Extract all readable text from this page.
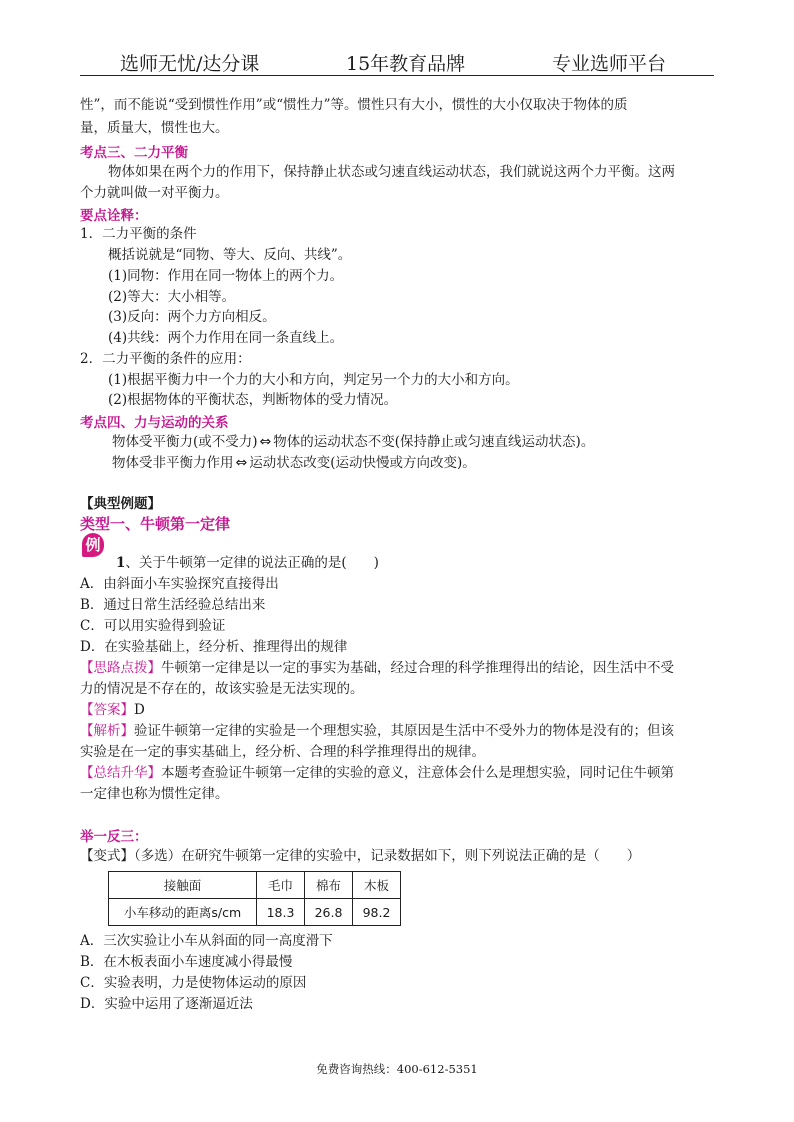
选师无忧/达分课	15年教育品牌	专业选师平台
性”，而不能说“受到惯性作用”或“惯性力”等。惯性只有大小，惯性的大小仅取决于物体的质
量，质量大，惯性也大。
考点三、二力平衡
物体如果在两个力的作用下，保持静止状态或匀速直线运动状态，我们就说这两个力平衡。这两
个力就叫做一对平衡力。
要点诠释：
1．二力平衡的条件
概括说就是“同物、等大、反向、共线”。
(1)同物：作用在同一物体上的两个力。
(2)等大：大小相等。
(3)反向：两个力方向相反。
(4)共线：两个力作用在同一条直线上。
2．二力平衡的条件的应用：
(1)根据平衡力中一个力的大小和方向，判定另一个力的大小和方向。
(2)根据物体的平衡状态，判断物体的受力情况。
考点四、力与运动的关系
物体受平衡力(或不受力) ⇔ 物体的运动状态不变(保持静止或匀速直线运动状态)。
物体受非平衡力作用 ⇔ 运动状态改变(运动快慢或方向改变)。
【典型例题】
类型一、牛顿第一定律
例
1、关于牛顿第一定律的说法正确的是(　　)
A．由斜面小车实验探究直接得出
B．通过日常生活经验总结出来
C．可以用实验得到验证
D．在实验基础上，经分析、推理得出的规律
【思路点拨】牛顿第一定律是以一定的事实为基础，经过合理的科学推理得出的结论，因生活中不受
力的情况是不存在的，故该实验是无法实现的。
【答案】D
【解析】验证牛顿第一定律的实验是一个理想实验，其原因是生活中不受外力的物体是没有的；但该
实验是在一定的事实基础上，经分析、合理的科学推理得出的规律。
【总结升华】本题考查验证牛顿第一定律的实验的意义，注意体会什么是理想实验，同时记住牛顿第
一定律也称为惯性定律。
举一反三：
【变式】（多选）在研究牛顿第一定律的实验中，记录数据如下，则下列说法正确的是（　　）
接触面	毛巾	棉布	木板
小车移动的距离s/cm	18.3	26.8	98.2
A．三次实验让小车从斜面的同一高度滑下
B．在木板表面小车速度减小得最慢
C．实验表明，力是使物体运动的原因
D．实验中运用了逐渐逼近法
免费咨询热线：400-612-5351
